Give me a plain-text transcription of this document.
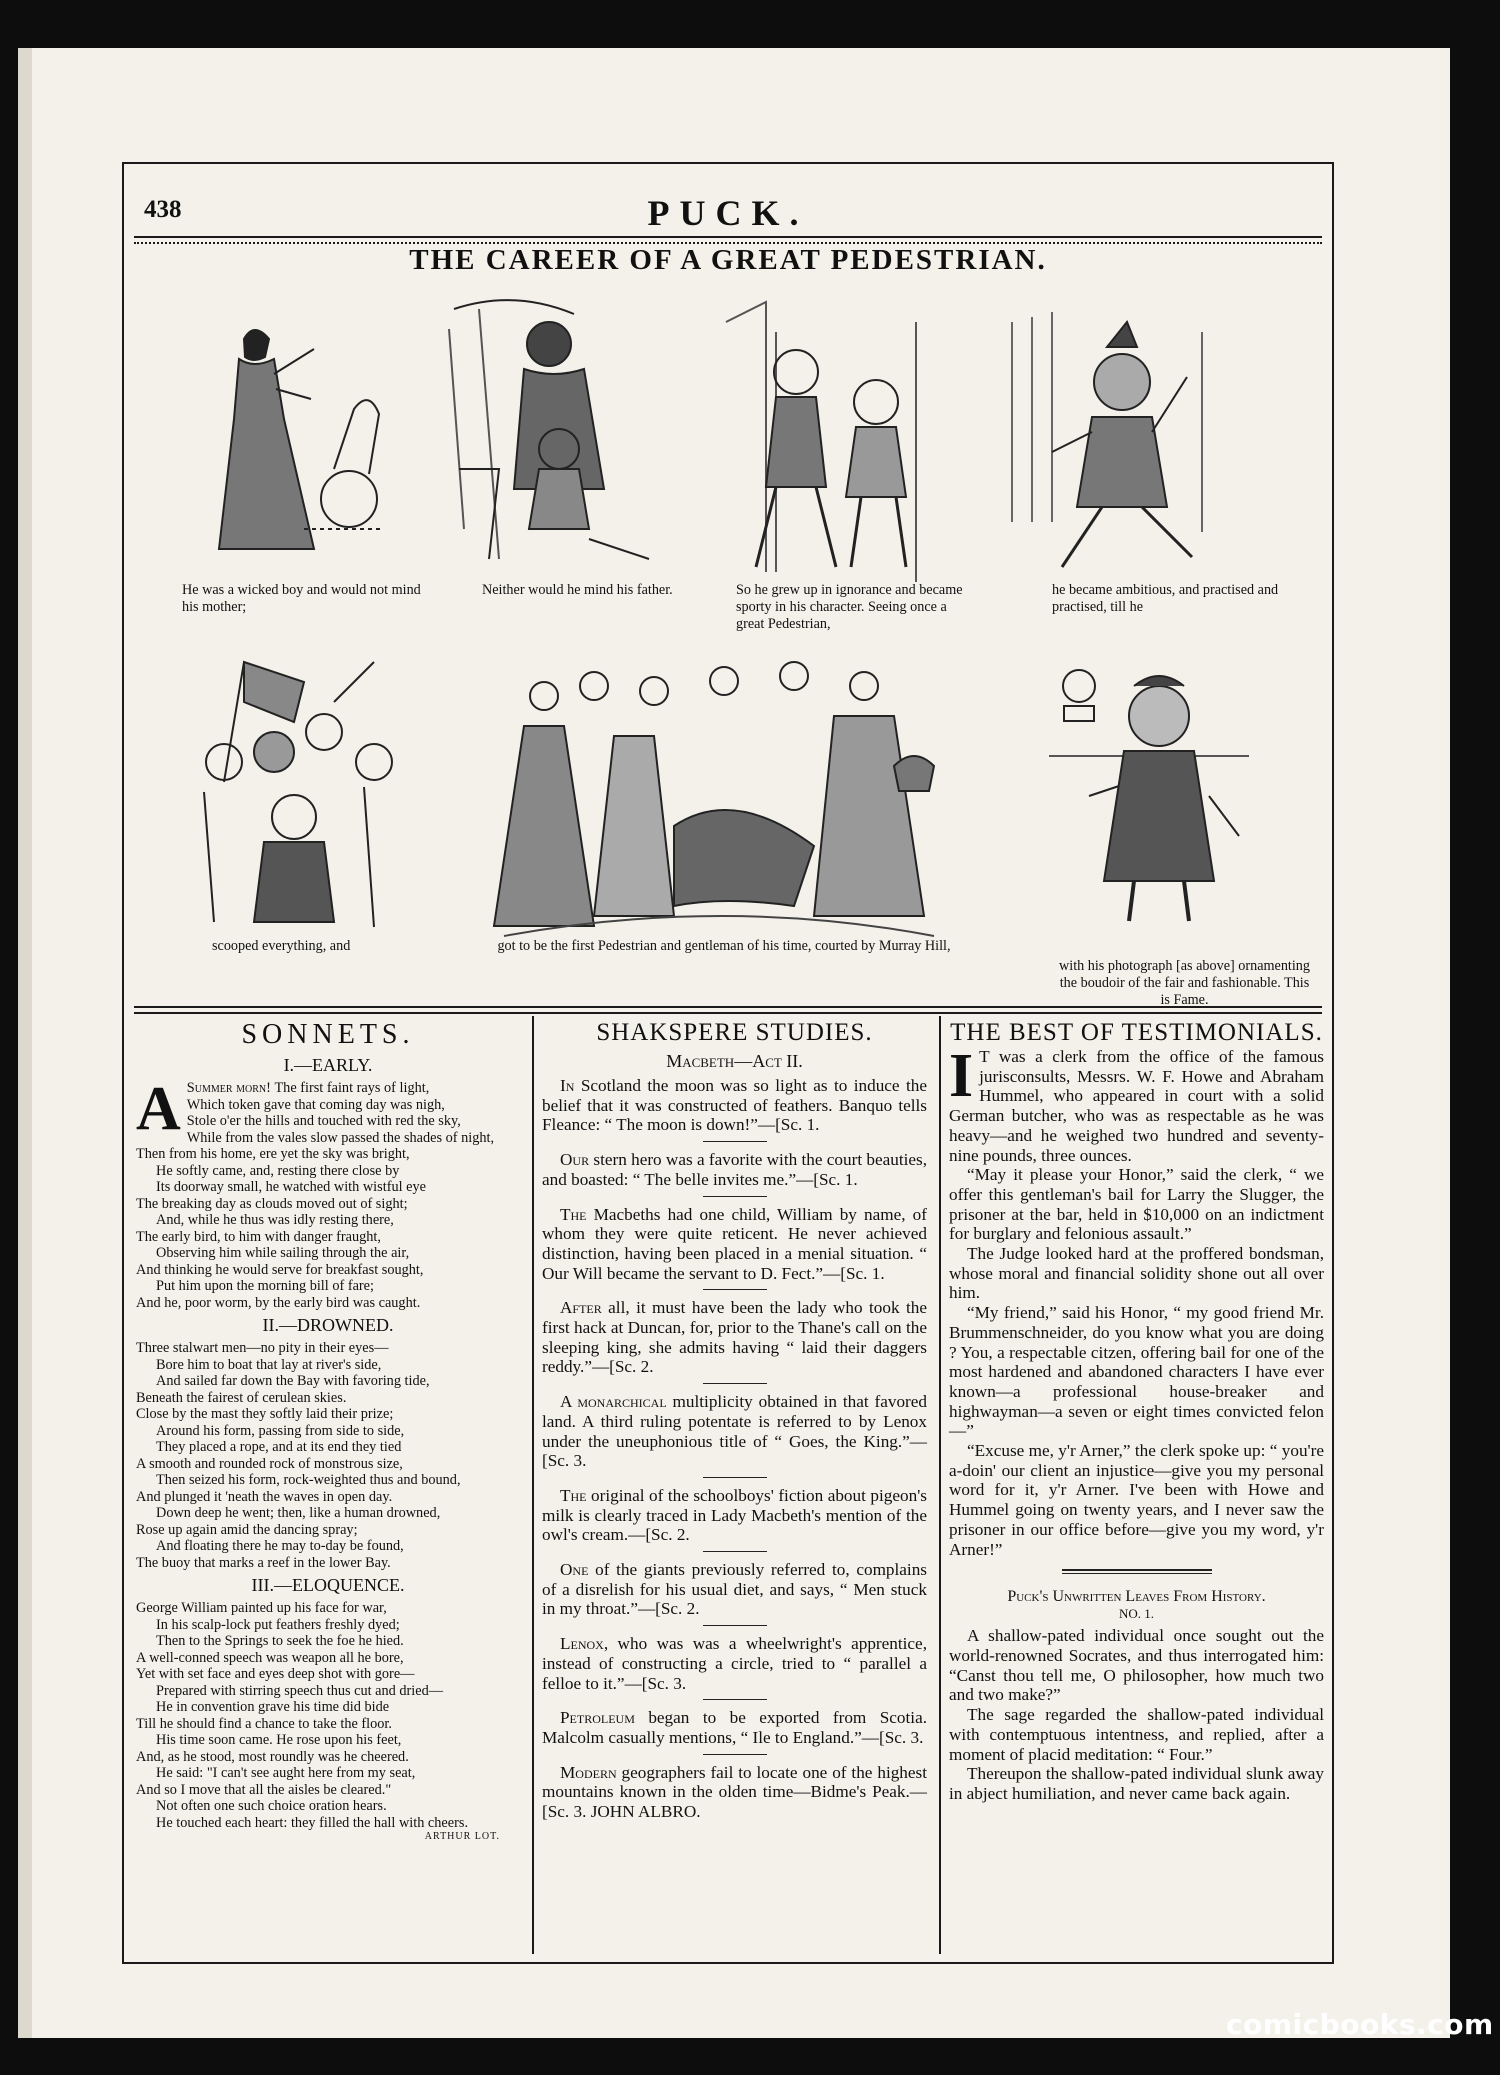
PUCK.
438
THE CAREER OF A GREAT PEDESTRIAN.
He was a wicked boy and would not mind his mother;
Neither would he mind his father.	So he grew up in ignorance and became sporty in his character. Seeing once a great Pedestrian,
he became ambitious, and practised and practised, till he
scooped everything, and	got to be the first Pedestrian and gentleman of his time, courted by Murray Hill,
with his photograph [as above] ornamenting the boudoir of the fair and fashionable. This is Fame.
SONNETS.
I.—EARLY.
A Summer morn! The first faint rays of light,

Which token gave that coming day was nigh,

Stole o'er the hills and touched with red the sky,

While from the vales slow passed the shades of night,

Then from his home, ere yet the sky was bright,

He softly came, and, resting there close by

Its doorway small, he watched with wistful eye

The breaking day as clouds moved out of sight;

And, while he thus was idly resting there,

The early bird, to him with danger fraught,

Observing him while sailing through the air,

And thinking he would serve for breakfast sought,

Put him upon the morning bill of fare;

And he, poor worm, by the early bird was caught.

II.—DROWNED.

Three stalwart men—no pity in their eyes—

Bore him to boat that lay at river's side,

And sailed far down the Bay with favoring tide,

Beneath the fairest of cerulean skies.

Close by the mast they softly laid their prize;

Around his form, passing from side to side,

They placed a rope, and at its end they tied

A smooth and rounded rock of monstrous size,

Then seized his form, rock-weighted thus and bound,

And plunged it 'neath the waves in open day.

Down deep he went; then, like a human drowned,

Rose up again amid the dancing spray;

And floating there he may to-day be found,

The buoy that marks a reef in the lower Bay.

III.—ELOQUENCE.

George William painted up his face for war,

In his scalp-lock put feathers freshly dyed;

Then to the Springs to seek the foe he hied.

A well-conned speech was weapon all he bore,

Yet with set face and eyes deep shot with gore—

Prepared with stirring speech thus cut and dried—

He in convention grave his time did bide

Till he should find a chance to take the floor.

His time soon came. He rose upon his feet,

And, as he stood, most roundly was he cheered.

He said: "I can't see aught here from my seat,

And so I move that all the aisles be cleared."

Not often one such choice oration hears.

He touched each heart: they filled the hall with cheers.

ARTHUR LOT.
SHAKSPERE STUDIES.
Macbeth—Act II.

In Scotland the moon was so light as to induce the belief that it was constructed of feathers. Banquo tells Fleance: “ The moon is down!”—[Sc. 1.

Our stern hero was a favorite with the court beauties, and boasted: “ The belle invites me.”—[Sc. 1.

The Macbeths had one child, William by name, of whom they were quite reticent. He never achieved distinction, having been placed in a menial situation. “ Our Will became the servant to D. Fect.”—[Sc. 1.

After all, it must have been the lady who took the first hack at Duncan, for, prior to the Thane's call on the sleeping king, she admits having “ laid their daggers reddy.”—[Sc. 2.

A monarchical multiplicity obtained in that favored land. A third ruling potentate is referred to by Lenox under the uneuphonious title of “ Goes, the King.”—[Sc. 3.

The original of the schoolboys' fiction about pigeon's milk is clearly traced in Lady Macbeth's mention of the owl's cream.—[Sc. 2.

One of the giants previously referred to, complains of a disrelish for his usual diet, and says, “ Men stuck in my throat.”—[Sc. 2.

Lenox, who was was a wheelwright's apprentice, instead of constructing a circle, tried to “ parallel a felloe to it.”—[Sc. 3.

Petroleum began to be exported from Scotia. Malcolm casually mentions, “ Ile to England.”—[Sc. 3.

Modern geographers fail to locate one of the highest mountains known in the olden time—Bidme's Peak.—[Sc. 3. JOHN ALBRO.

THE BEST OF TESTIMONIALS.

I T was a clerk from the office of the famous jurisconsults, Messrs. W. F. Howe and Abraham Hummel, who appeared in court with a solid German butcher, who was as respectable as he was heavy—and he weighed two hundred and seventy-nine pounds, three ounces.

“May it please your Honor,” said the clerk, “ we offer this gentleman's bail for Larry the Slugger, the prisoner at the bar, held in $10,000 on an indictment for burglary and felonious assault.”

The Judge looked hard at the proffered bondsman, whose moral and financial solidity shone out all over him.

“My friend,” said his Honor, “ my good friend Mr. Brummenschneider, do you know what you are doing ? You, a respectable citzen, offering bail for one of the most hardened and abandoned characters I have ever known—a professional house-breaker and highwayman—a seven or eight times convicted felon—”

“Excuse me, y'r Arner,” the clerk spoke up: “ you're a-doin' our client an injustice—give you my personal word for it, y'r Arner. I've been with Howe and Hummel going on twenty years, and I never saw the prisoner in our office before—give you my word, y'r Arner!”

Puck's Unwritten Leaves From History.
NO. 1.

A shallow-pated individual once sought out the world-renowned Socrates, and thus interrogated him: “Canst thou tell me, O philosopher, how much two and two make?”

The sage regarded the shallow-pated individual with contemptuous intentness, and replied, after a moment of placid meditation: “ Four.”

Thereupon the shallow-pated individual slunk away in abject humiliation, and never came back again.

comicbooks.com
